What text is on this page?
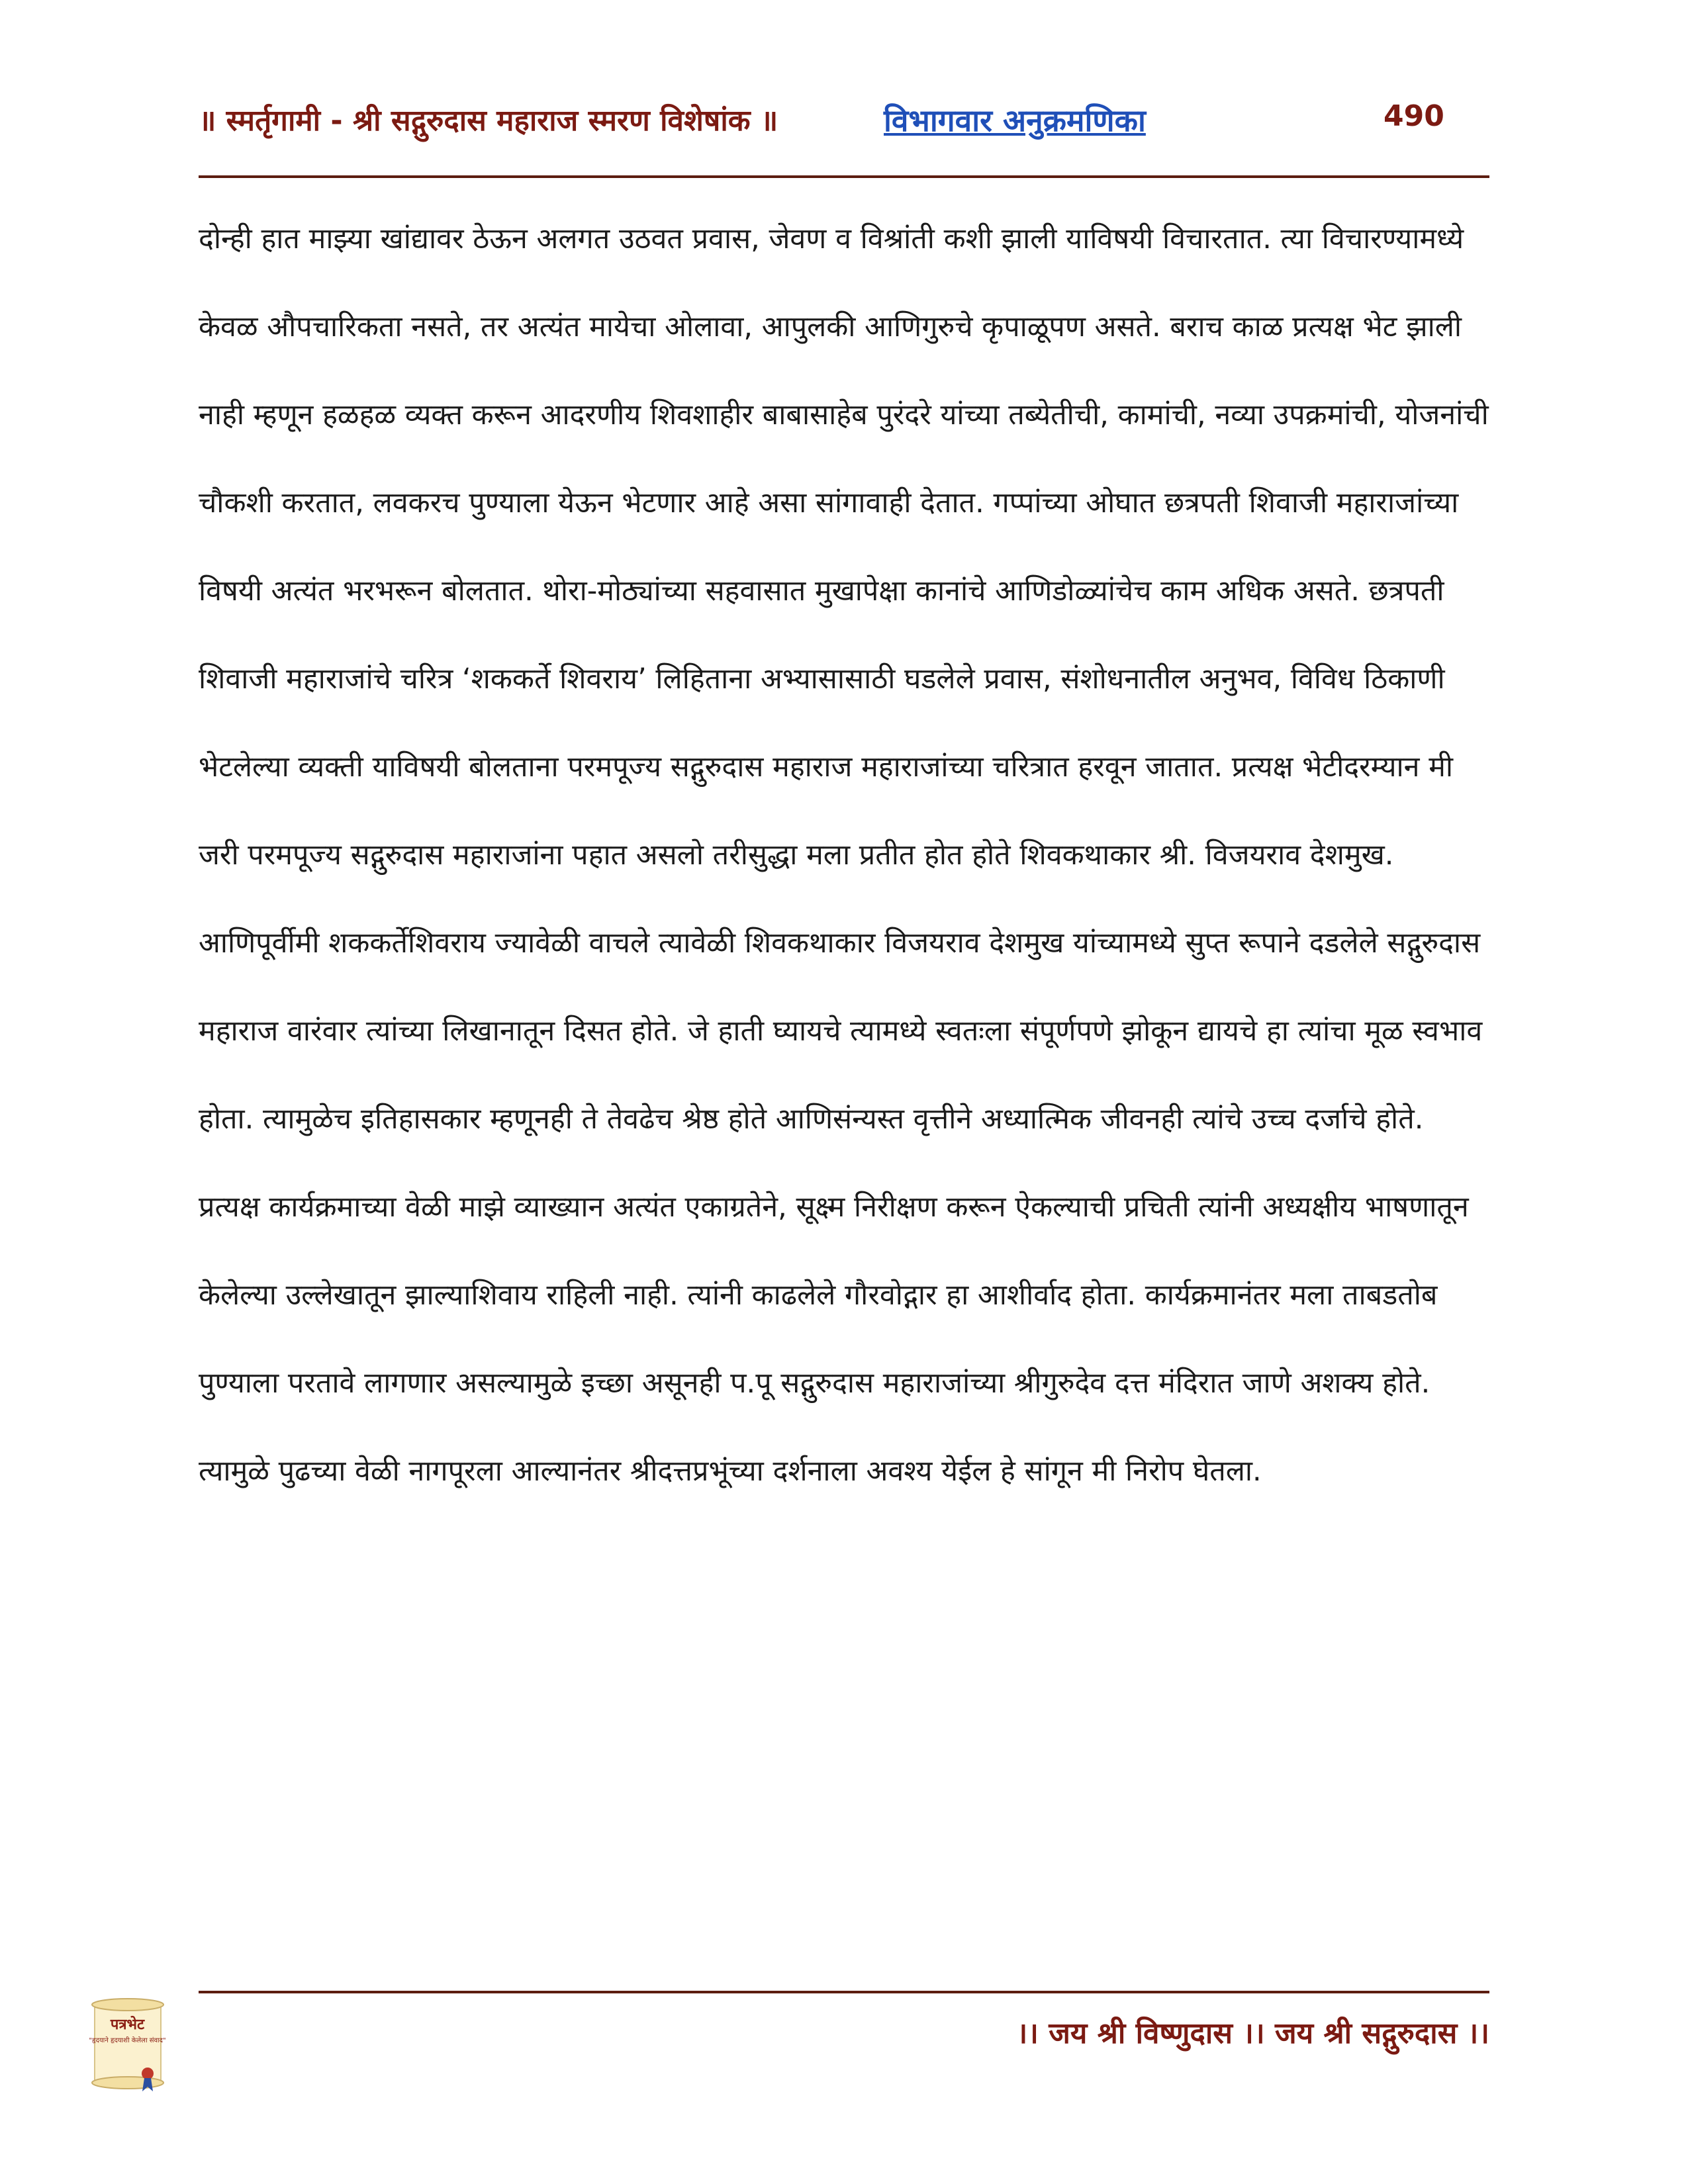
॥ स्मर्तृगामी - श्री सद्गुरुदास महाराज स्मरण विशेषांक ॥	विभागवार अनुक्रमणिका	490

दोन्ही हात माझ्या खांद्यावर ठेऊन अलगत उठवत प्रवास, जेवण व विश्रांती कशी झाली याविषयी विचारतात. त्या विचारण्यामध्ये केवळ औपचारिकता नसते, तर अत्यंत मायेचा ओलावा, आपुलकी आणिगुरुचे कृपाळूपण असते. बराच काळ प्रत्यक्ष भेट झाली नाही म्हणून हळहळ व्यक्त करून आदरणीय शिवशाहीर बाबासाहेब पुरंदरे यांच्या तब्येतीची, कामांची, नव्या उपक्रमांची, योजनांची चौकशी करतात, लवकरच पुण्याला येऊन भेटणार आहे असा सांगावाही देतात. गप्पांच्या ओघात छत्रपती शिवाजी महाराजांच्या विषयी अत्यंत भरभरून बोलतात. थोरा-मोठ्यांच्या सहवासात मुखापेक्षा कानांचे आणिडोळ्यांचेच काम अधिक असते. छत्रपती शिवाजी महाराजांचे चरित्र ‘शककर्ते शिवराय’ लिहिताना अभ्यासासाठी घडलेले प्रवास, संशोधनातील अनुभव, विविध ठिकाणी भेटलेल्या व्यक्ती याविषयी बोलताना परमपूज्य सद्गुरुदास महाराज महाराजांच्या चरित्रात हरवून जातात. प्रत्यक्ष भेटीदरम्यान मी जरी परमपूज्य सद्गुरुदास महाराजांना पहात असलो तरीसुद्धा मला प्रतीत होत होते शिवकथाकार श्री. विजयराव देशमुख. आणिपूर्वीमी शककर्तेशिवराय ज्यावेळी वाचले त्यावेळी शिवकथाकार विजयराव देशमुख यांच्यामध्ये सुप्त रूपाने दडलेले सद्गुरुदास महाराज वारंवार त्यांच्या लिखानातून दिसत होते. जे हाती घ्यायचे त्यामध्ये स्वतःला संपूर्णपणे झोकून द्यायचे हा त्यांचा मूळ स्वभाव होता. त्यामुळेच इतिहासकार म्हणूनही ते तेवढेच श्रेष्ठ होते आणिसंन्यस्त वृत्तीने अध्यात्मिक जीवनही त्यांचे उच्च दर्जाचे होते. प्रत्यक्ष कार्यक्रमाच्या वेळी माझे व्याख्यान अत्यंत एकाग्रतेने, सूक्ष्म निरीक्षण करून ऐकल्याची प्रचिती त्यांनी अध्यक्षीय भाषणातून केलेल्या उल्लेखातून झाल्याशिवाय राहिली नाही. त्यांनी काढलेले गौरवोद्गार हा आशीर्वाद होता. कार्यक्रमानंतर मला ताबडतोब पुण्याला परतावे लागणार असल्यामुळे इच्छा असूनही प.पू सद्गुरुदास महाराजांच्या श्रीगुरुदेव दत्त मंदिरात जाणे अशक्य होते. त्यामुळे पुढच्या वेळी नागपूरला आल्यानंतर श्रीदत्तप्रभूंच्या दर्शनाला अवश्य येईल हे सांगून मी निरोप घेतला.

पत्रभेट
"हृदयाने हृदयाशी केलेला संवाद"	।। जय श्री विष्णुदास ।। जय श्री सद्गुरुदास ।।
